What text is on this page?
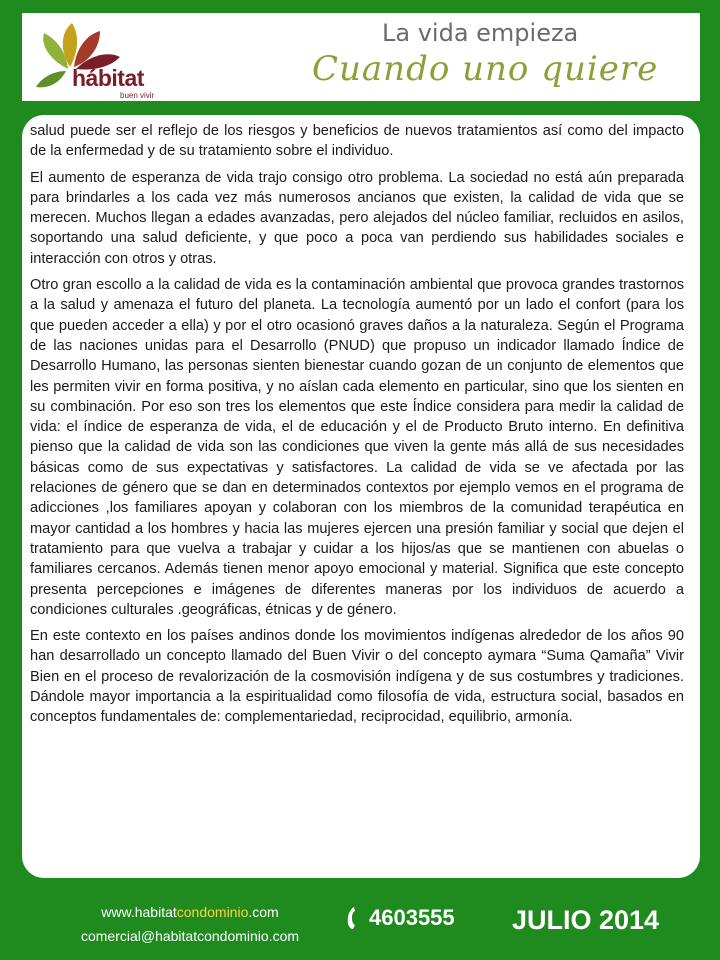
hábitat
buen vivir
La vida empieza
Cuando uno quiere

salud puede ser el reflejo de los riesgos y beneficios de nuevos tratamientos así como del impacto de la enfermedad y de su tratamiento sobre el individuo.

El aumento de esperanza de vida trajo consigo otro problema. La sociedad no está aún preparada para brindarles a los cada vez más numerosos ancianos que existen, la calidad de vida que se merecen. Muchos llegan a edades avanzadas, pero alejados del núcleo familiar, recluidos en asilos, soportando una salud deficiente, y que poco a poca van perdiendo sus habilidades sociales e interacción con otros y otras.

Otro gran escollo a la calidad de vida es la contaminación ambiental que provoca grandes trastornos a la salud y amenaza el futuro del planeta. La tecnología aumentó por un lado el confort (para los que pueden acceder a ella) y por el otro ocasionó graves daños a la naturaleza. Según el Programa de las naciones unidas para el Desarrollo (PNUD) que propuso un indicador llamado Índice de Desarrollo Humano, las personas sienten bienestar cuando gozan de un conjunto de elementos que les permiten vivir en forma positiva, y no aíslan cada elemento en particular, sino que los sienten en su combinación. Por eso son tres los elementos que este Índice considera para medir la calidad de vida: el índice de esperanza de vida, el de educación y el de Producto Bruto interno. En definitiva pienso que la calidad de vida son las condiciones que viven la gente más allá de sus necesidades básicas como de sus expectativas y satisfactores. La calidad de vida se ve afectada por las relaciones de género que se dan en determinados contextos por ejemplo vemos en el programa de adicciones ,los familiares apoyan y colaboran con los miembros de la comunidad terapéutica en mayor cantidad a los hombres y hacia las mujeres ejercen una presión familiar y social que dejen el tratamiento para que vuelva a trabajar y cuidar a los hijos/as que se mantienen con abuelas o familiares cercanos. Además tienen menor apoyo emocional y material. Significa que este concepto presenta percepciones e imágenes de diferentes maneras por los individuos de acuerdo a condiciones culturales .geográficas, étnicas y de género.

En este contexto en los países andinos donde los movimientos indígenas alrededor de los años 90 han desarrollado un concepto llamado del Buen Vivir o del concepto aymara “Suma Qamaña” Vivir Bien en el proceso de revalorización de la cosmovisión indígena y de sus costumbres y tradiciones. Dándole mayor importancia a la espiritualidad como filosofía de vida, estructura social, basados en conceptos fundamentales de: complementariedad, reciprocidad, equilibrio, armonía.

www.habitatcondominio.com
comercial@habitatcondominio.com
4603555 JULIO 2014
